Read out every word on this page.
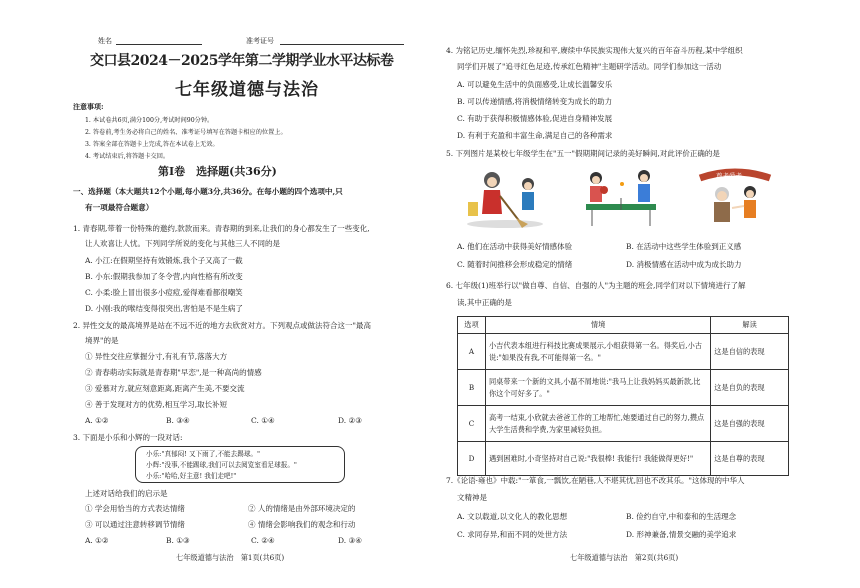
姓名	准考证号
交口县2024－2025学年第二学期学业水平达标卷
七年级道德与法治
注意事项:
1. 本试卷共6页,满分100分,考试时间90分钟。
2. 答卷前,考生务必将自己的姓名、准考证号填写在答题卡相应的位置上。
3. 答案全部在答题卡上完成,答在本试卷上无效。
4. 考试结束后,将答题卡交回。
第Ⅰ卷　选择题(共36分)
一、选择题（本大题共12个小题,每小题3分,共36分。在每小题的四个选项中,只
有一项最符合题意）
1. 青春期,带着一份特殊的邀约,款款而来。青春期的到来,让我们的身心都发生了一些变化,
让人欢喜让人忧。下列同学所说的变化与其他三人不同的是
A. 小江:在假期坚持有效锻炼,我个子又高了一截
B. 小东:假期我参加了冬令营,内向性格有所改变
C. 小柔:脸上冒出很多小痘痘,爱得难看都很嘲笑
D. 小刚:我的喉结变得很突出,害怕是不是生病了
2. 异性交友的最高境界是站在不远不近的地方去欣赏对方。下列观点或做法符合这一"最高
境界"的是
① 异性交往应掌握分寸,有礼有节,落落大方
② 青春萌动实际就是青春期"早恋",是一种高尚的情感
③ 爱慕对方,就应刻意距离,距离产生美,不要交流
④ 善于发现对方的优势,相互学习,取长补短
A. ①②	B. ③④	C. ①④	D. ②③
3. 下面是小乐和小辉的一段对话:
小乐:"真郁闷! 又下雨了,不能去踢球。"
小辉:"没事,不能踢球,我们可以去阅览室看足球报。"
小乐:"哈哈,好主意! 我们走吧!"
上述对话给我们的启示是
① 学会用恰当的方式表达情绪	② 人的情绪是由外部环境决定的
③ 可以通过注意转移调节情绪	④ 情绪会影响我们的观念和行动
A. ①②	B. ①③	C. ②④	D. ③④
七年级道德与法治　第1页(共6页)
4. 为铭记历史,缅怀先烈,珍视和平,赓续中华民族实现伟大复兴的百年奋斗历程,某中学组织
同学们开展了"追寻红色足迹,传承红色精神"主题研学活动。同学们参加这一活动
A. 可以避免生活中的负面感受,让成长温馨安乐
B. 可以传递情感,将消极情绪转变为成长的助力
C. 有助于获得积极情感体验,促进自身精神发展
D. 有利于充盈和丰富生命,满足自己的各种需求
5. 下列图片是某校七年级学生在"五一"假期期间记录的美好瞬间,对此评价正确的是
尊老爱老
A. 他们在活动中获得美好情感体验	B. 在活动中这些学生体验到正义感
C. 随着时间推移会形成稳定的情绪	D. 消极情感在活动中成为成长助力
6. 七年级(1)班举行以"做自尊、自信、自强的人"为主题的班会,同学们对以下情境进行了解
读,其中正确的是
选项	情境	解读
A	小吉代表本组进行科技比赛成果展示,小组获得第一名。得奖后,小古说:"如果没有我,不可能得第一名。"	这是自信的表现
B	同桌带来一个新的文具,小磊不屑地说:"我马上让我妈妈买最新款,比你这个可好多了。"	这是自负的表现
C	高考一结束,小欣就去爸爸工作的工地帮忙,她要通过自己的努力,攒点大学生活费和学费,为家里减轻负担。	这是自强的表现
D	遇到困难时,小奇坚持对自己说:"我很棒! 我能行! 我能做得更好!"	这是自尊的表现
7.《论语·雍也》中载:"一箪食,一瓢饮,在陋巷,人不堪其忧,回也不改其乐。"这体现的中华人
文精神是
A. 文以载道,以文化人的教化思想	B. 俭约自守,中和泰和的生活理念
C. 求同存异,和而不同的处世方法	D. 形神兼备,情景交融的美学追求
七年级道德与法治　第2页(共6页)
